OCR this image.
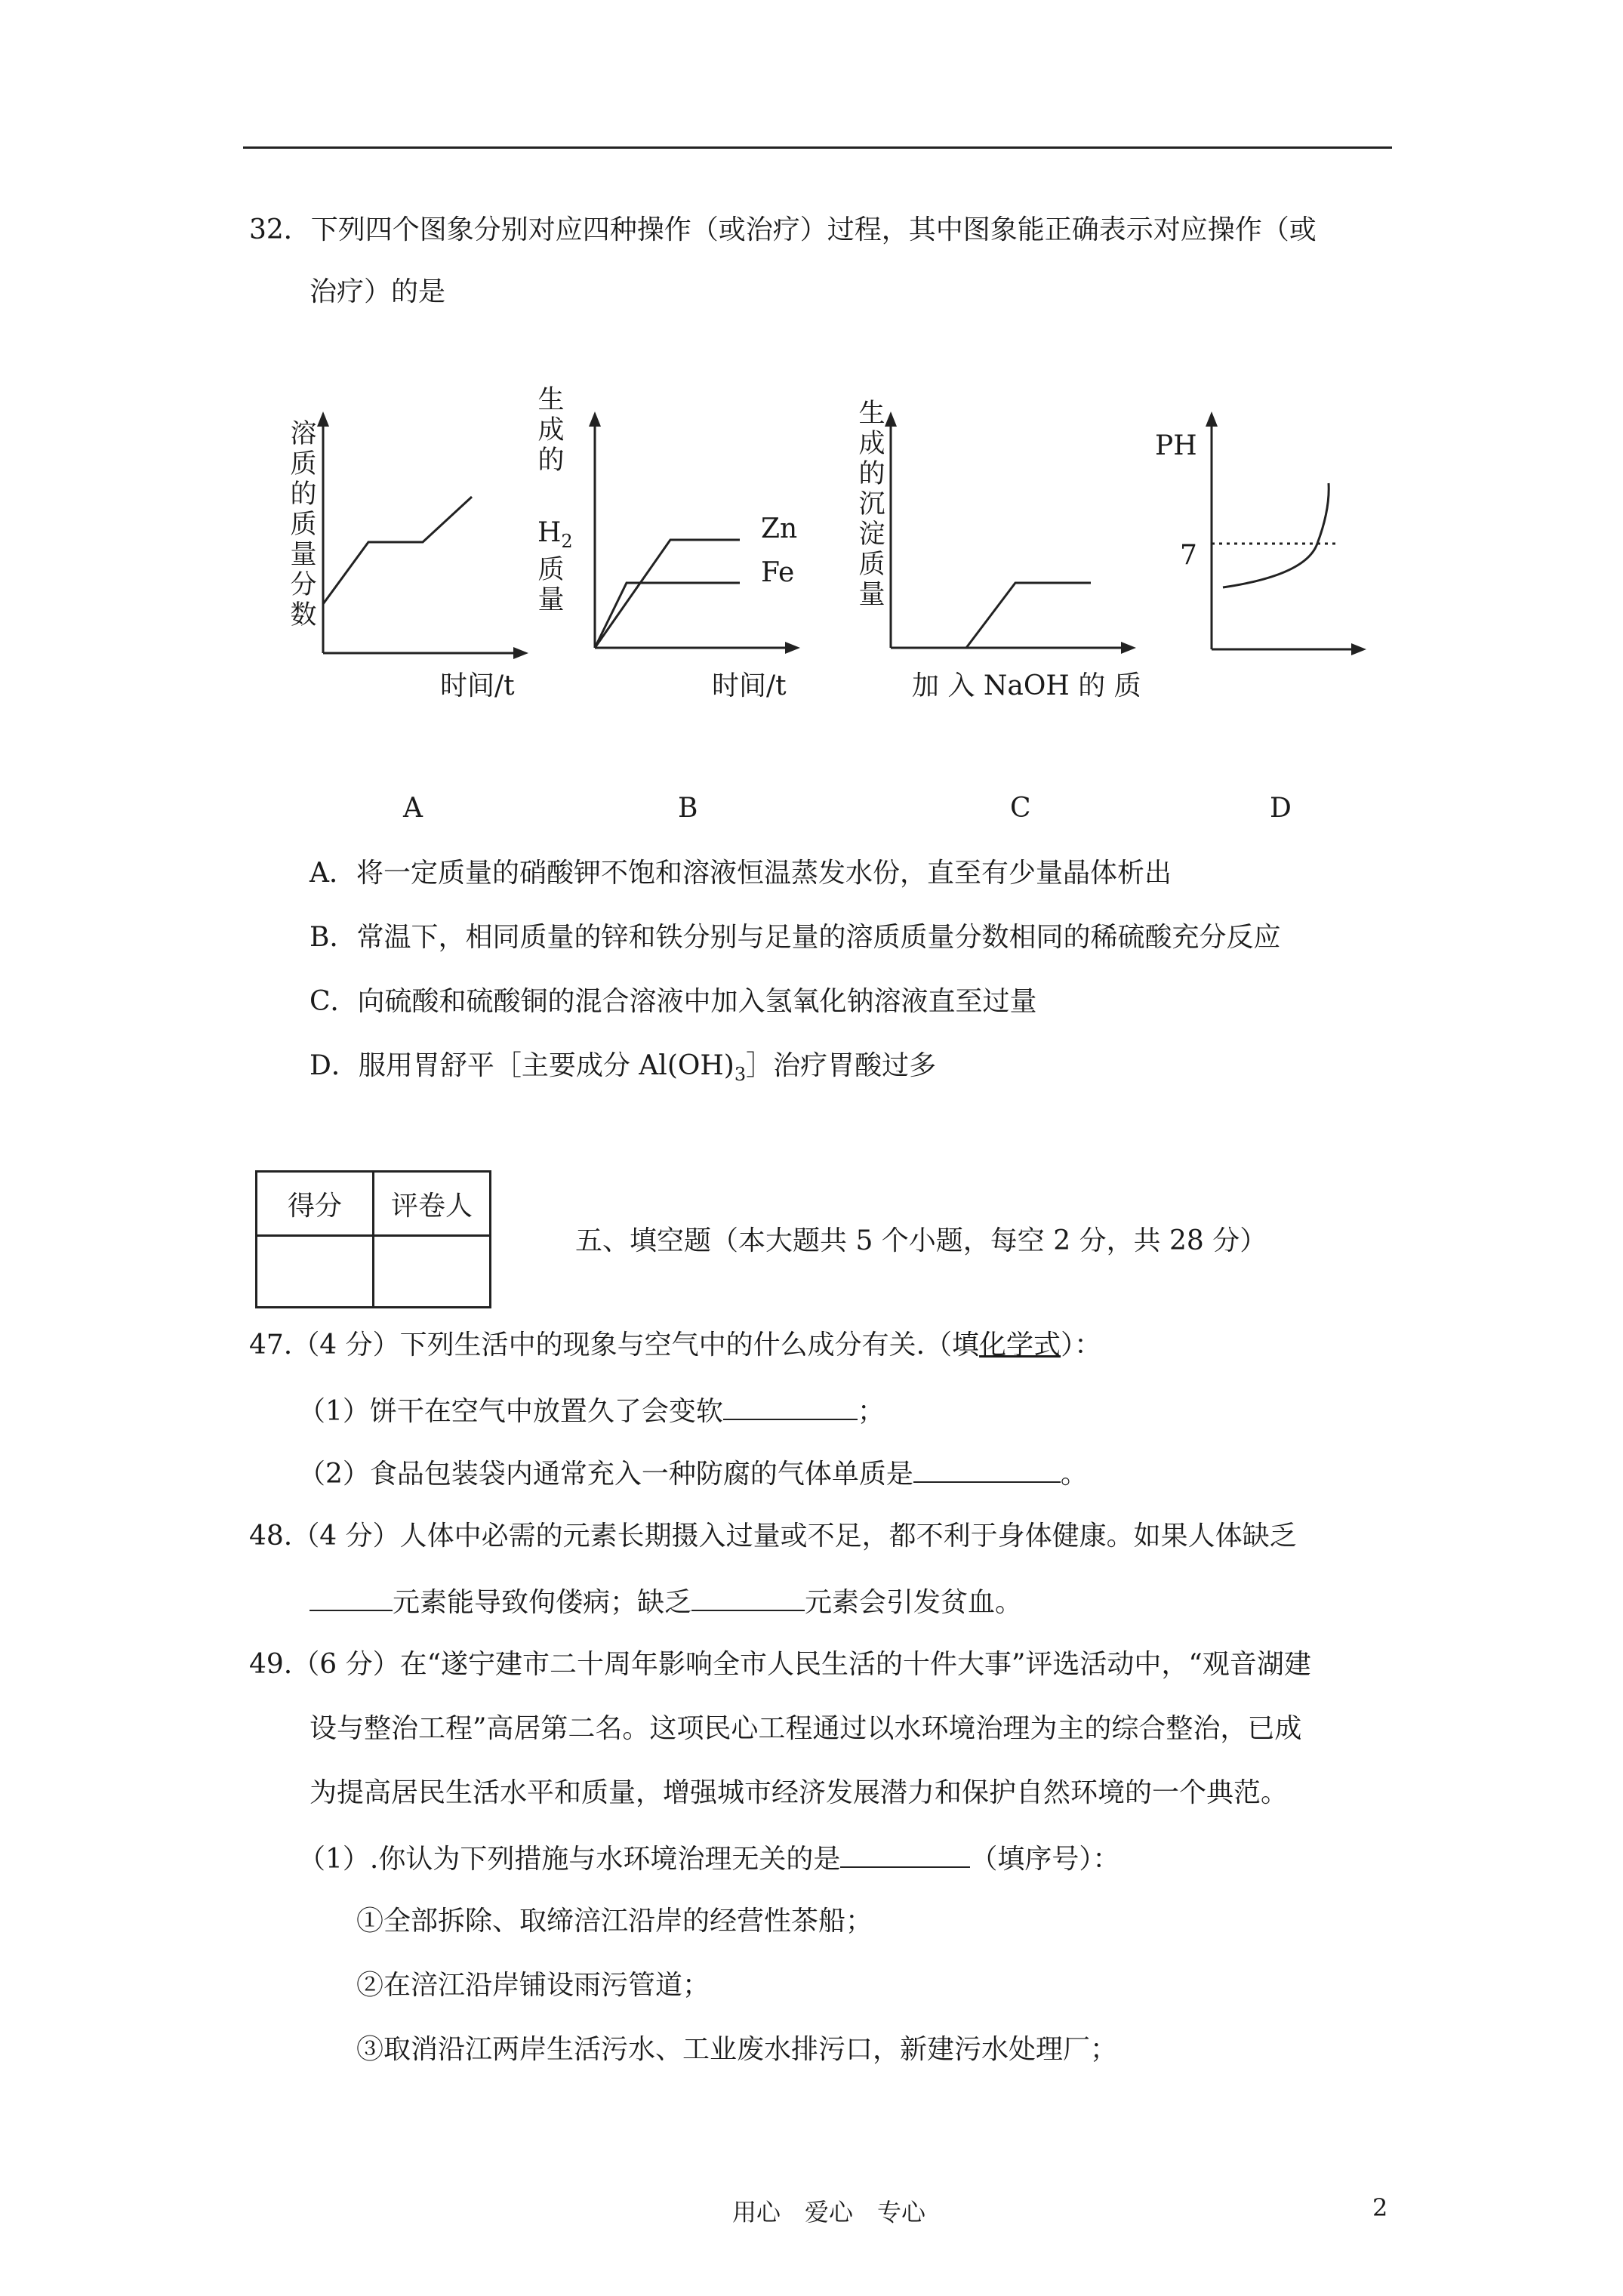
32．下列四个图象分别对应四种操作（或治疗）过程，其中图象能正确表示对应操作（或
治疗）的是
溶质的质量分数
时间/t
A
生成的
$H_2$
质量
Zn
Fe
时间/t
B
生成的沉淀质量
加 入 NaOH 的 质
C
PH
7
D
A．将一定质量的硝酸钾不饱和溶液恒温蒸发水份，直至有少量晶体析出
B．常温下，相同质量的锌和铁分别与足量的溶质质量分数相同的稀硫酸充分反应
C．向硫酸和硫酸铜的混合溶液中加入氢氧化钠溶液直至过量
D．服用胃舒平［主要成分 $Al(OH)_3]$治疗胃酸过多
得分	评卷人

五、填空题（本大题共 5 个小题，每空 2 分，共 28 分）
47.（4 分）下列生活中的现象与空气中的什么成分有关.（填化学式）：
（1）饼干在空气中放置久了会变软	；
（2）食品包装袋内通常充入一种防腐的气体单质是	。
48.（4 分）人体中必需的元素长期摄入过量或不足，都不利于身体健康。如果人体缺乏
元素能导致佝偻病；缺乏	元素会引发贫血。
49.（6 分）在“遂宁建市二十周年影响全市人民生活的十件大事”评选活动中，“观音湖建
设与整治工程”高居第二名。这项民心工程通过以水环境治理为主的综合整治，已成
为提高居民生活水平和质量，增强城市经济发展潜力和保护自然环境的一个典范。
（1）.你认为下列措施与水环境治理无关的是	（填序号）：
①全部拆除、取缔涪江沿岸的经营性茶船；
②在涪江沿岸铺设雨污管道；
③取消沿江两岸生活污水、工业废水排污口，新建污水处理厂；
用心　爱心　专心	2
